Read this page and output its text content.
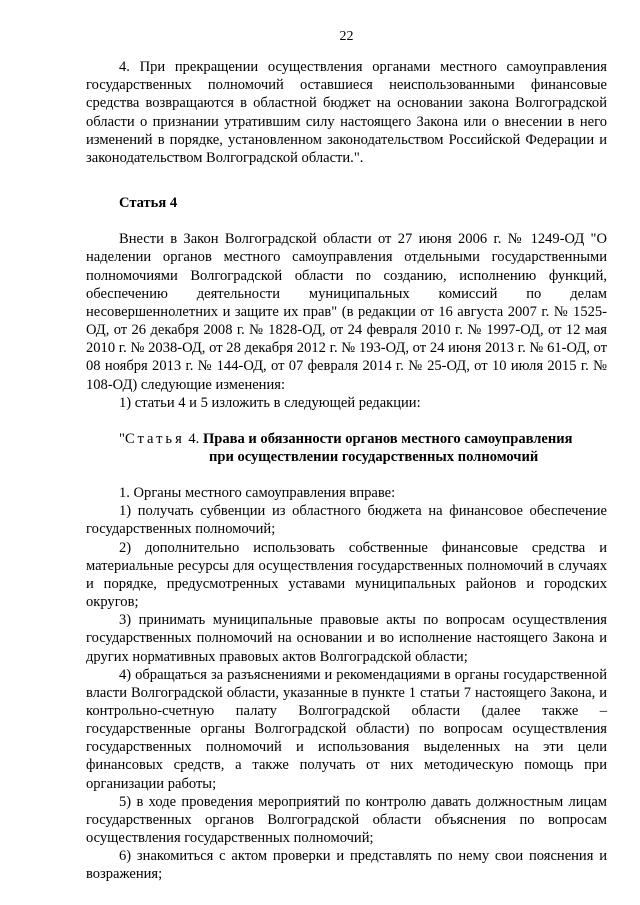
22

4. При прекращении осуществления органами местного самоуправления государственных полномочий оставшиеся неиспользованными финансовые средства возвращаются в областной бюджет на основании закона Волгоградской области о признании утратившим силу настоящего Закона или о внесении в него изменений в порядке, установленном законодательством Российской Федерации и законодательством Волгоградской области.".

Статья 4

Внести в Закон Волгоградской области от 27 июня 2006 г. № 1249-ОД "О наделении органов местного самоуправления отдельными государственными полномочиями Волгоградской области по созданию, исполнению функций, обеспечению деятельности муниципальных комиссий по делам несовершеннолетних и защите их прав" (в редакции от 16 августа 2007 г. № 1525-ОД, от 26 декабря 2008 г. № 1828-ОД, от 24 февраля 2010 г. № 1997-ОД, от 12 мая 2010 г. № 2038-ОД, от 28 декабря 2012 г. № 193-ОД, от 24 июня 2013 г. № 61-ОД, от 08 ноября 2013 г. № 144-ОД, от 07 февраля 2014 г. № 25-ОД, от 10 июля 2015 г. № 108-ОД) следующие изменения:

1) статьи 4 и 5 изложить в следующей редакции:

"Статья 4. Права и обязанности органов местного самоуправления
при осуществлении государственных полномочий

1. Органы местного самоуправления вправе:

1) получать субвенции из областного бюджета на финансовое обеспечение государственных полномочий;

2) дополнительно использовать собственные финансовые средства и материальные ресурсы для осуществления государственных полномочий в случаях и порядке, предусмотренных уставами муниципальных районов и городских округов;

3) принимать муниципальные правовые акты по вопросам осуществления государственных полномочий на основании и во исполнение настоящего Закона и других нормативных правовых актов Волгоградской области;

4) обращаться за разъяснениями и рекомендациями в органы государственной власти Волгоградской области, указанные в пункте 1 статьи 7 настоящего Закона, и контрольно-счетную палату Волгоградской области (далее также – государственные органы Волгоградской области) по вопросам осуществления государственных полномочий и использования выделенных на эти цели финансовых средств, а также получать от них методическую помощь при организации работы;

5) в ходе проведения мероприятий по контролю давать должностным лицам государственных органов Волгоградской области объяснения по вопросам осуществления государственных полномочий;

6) знакомиться с актом проверки и представлять по нему свои пояснения и возражения;
